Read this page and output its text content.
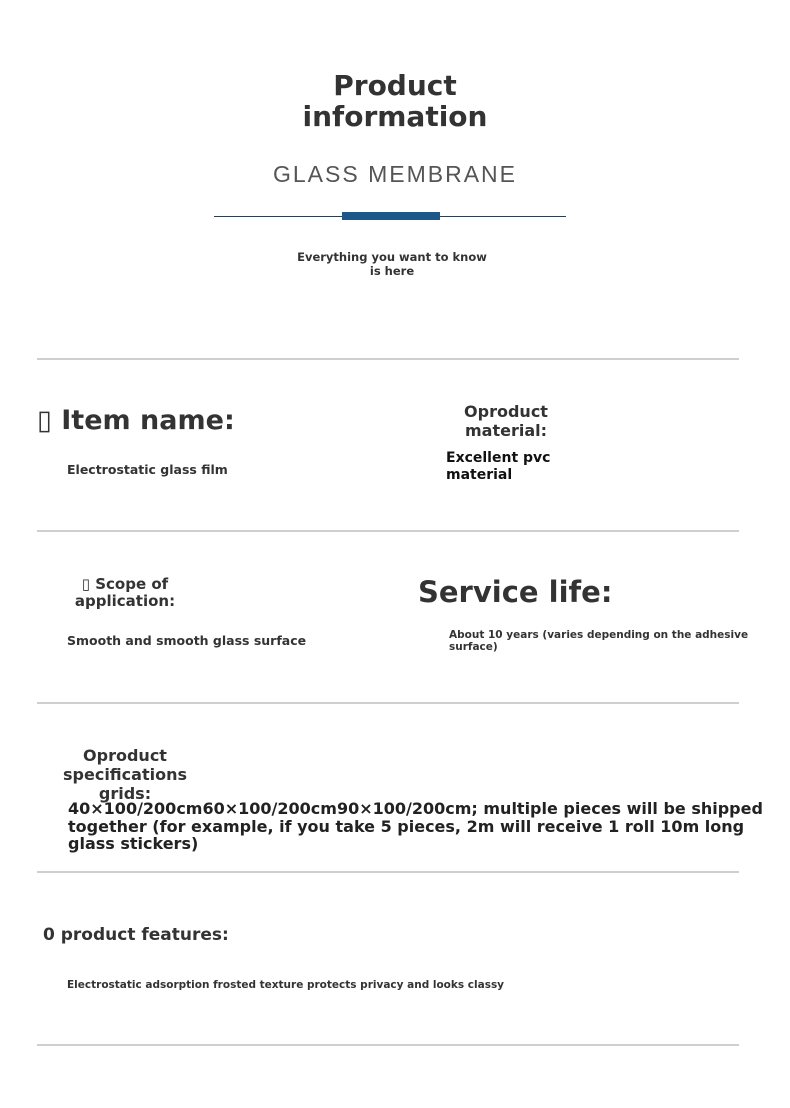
Product
information
GLASS MEMBRANE
Everything you want to know is here
▯ Item name:
Electrostatic glass film
Oproduct
material:
Excellent pvc
material
▯ Scope of
application:
Smooth and smooth glass surface
Service life:
About 10 years (varies depending on the adhesive
surface)
Oproduct
specifications grids:
40×100/200cm60×100/200cm90×100/200cm; multiple pieces will be shipped
together (for example, if you take 5 pieces, 2m will receive 1 roll 10m long
glass stickers)
0 product features:
Electrostatic adsorption frosted texture protects privacy and looks classy
